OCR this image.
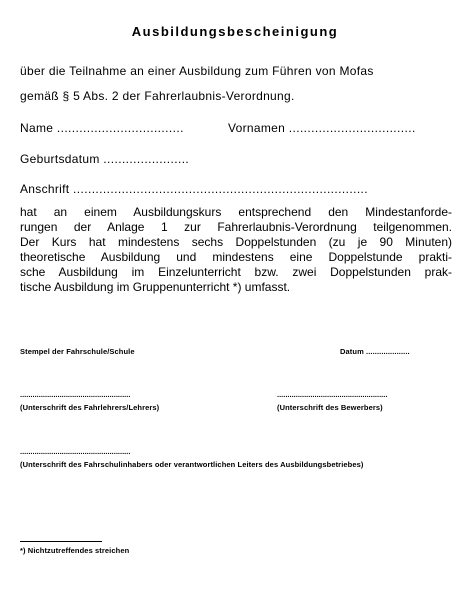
Ausbildungsbescheinigung
über die Teilnahme an einer Ausbildung zum Führen von Mofas
gemäß § 5 Abs. 2 der Fahrerlaubnis-Verordnung.
Name ..................................	Vornamen ..................................
Geburtsdatum .......................
Anschrift ...............................................................................
hat an einem Ausbildungskurs entsprechend den Mindestanforde-
rungen der Anlage 1 zur Fahrerlaubnis-Verordnung teilgenommen.
Der Kurs hat mindestens sechs Doppelstunden (zu je 90 Minuten)
theoretische Ausbildung und mindestens eine Doppelstunde prakti-
sche Ausbildung im Einzelunterricht bzw. zwei Doppelstunden prak-
tische Ausbildung im Gruppenunterricht *) umfasst.
Stempel der Fahrschule/Schule	Datum ....................
.....................................................	.....................................................
(Unterschrift des Fahrlehrers/Lehrers)	(Unterschrift des Bewerbers)
.....................................................
(Unterschrift des Fahrschulinhabers oder verantwortlichen Leiters des Ausbildungsbetriebes)
*) Nichtzutreffendes streichen
